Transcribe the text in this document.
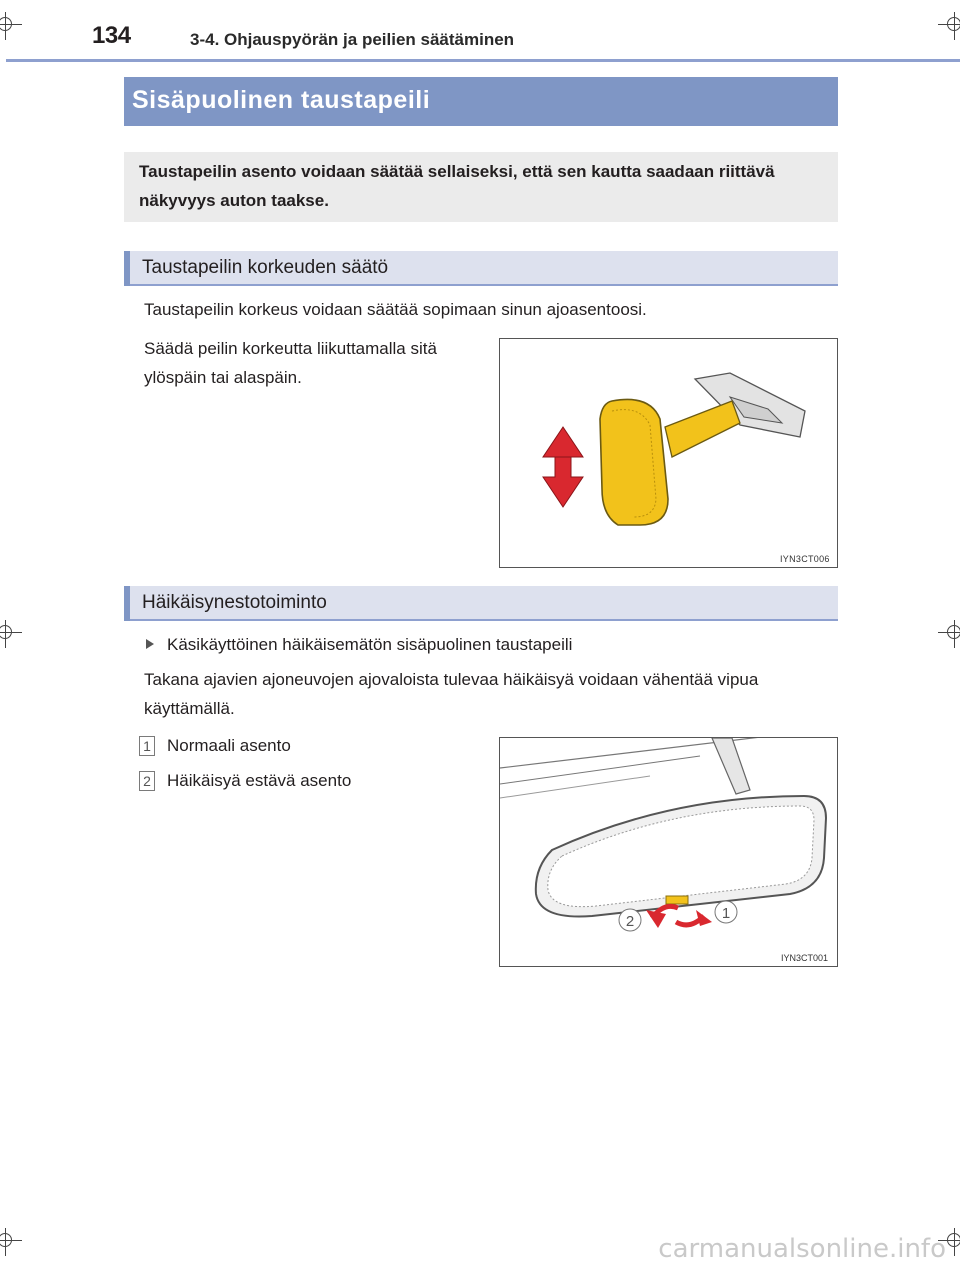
134	3-4. Ohjauspyörän ja peilien säätäminen
Sisäpuolinen taustapeili
Taustapeilin asento voidaan säätää sellaiseksi, että sen kautta saadaan riittävä näkyvyys auton taakse.
Taustapeilin korkeuden säätö
Taustapeilin korkeus voidaan säätää sopimaan sinun ajoasentoosi.
Säädä peilin korkeutta liikuttamalla sitä
ylöspäin tai alaspäin.
IYN3CT006
Häikäisynestotoiminto
Käsikäyttöinen häikäisemätön sisäpuolinen taustapeili
Takana ajavien ajoneuvojen ajovaloista tulevaa häikäisyä voidaan vähentää vipua
käyttämällä.
1 Normaali asento
2 Häikäisyä estävä asento
2	1
IYN3CT001
carmanualsonline.info
